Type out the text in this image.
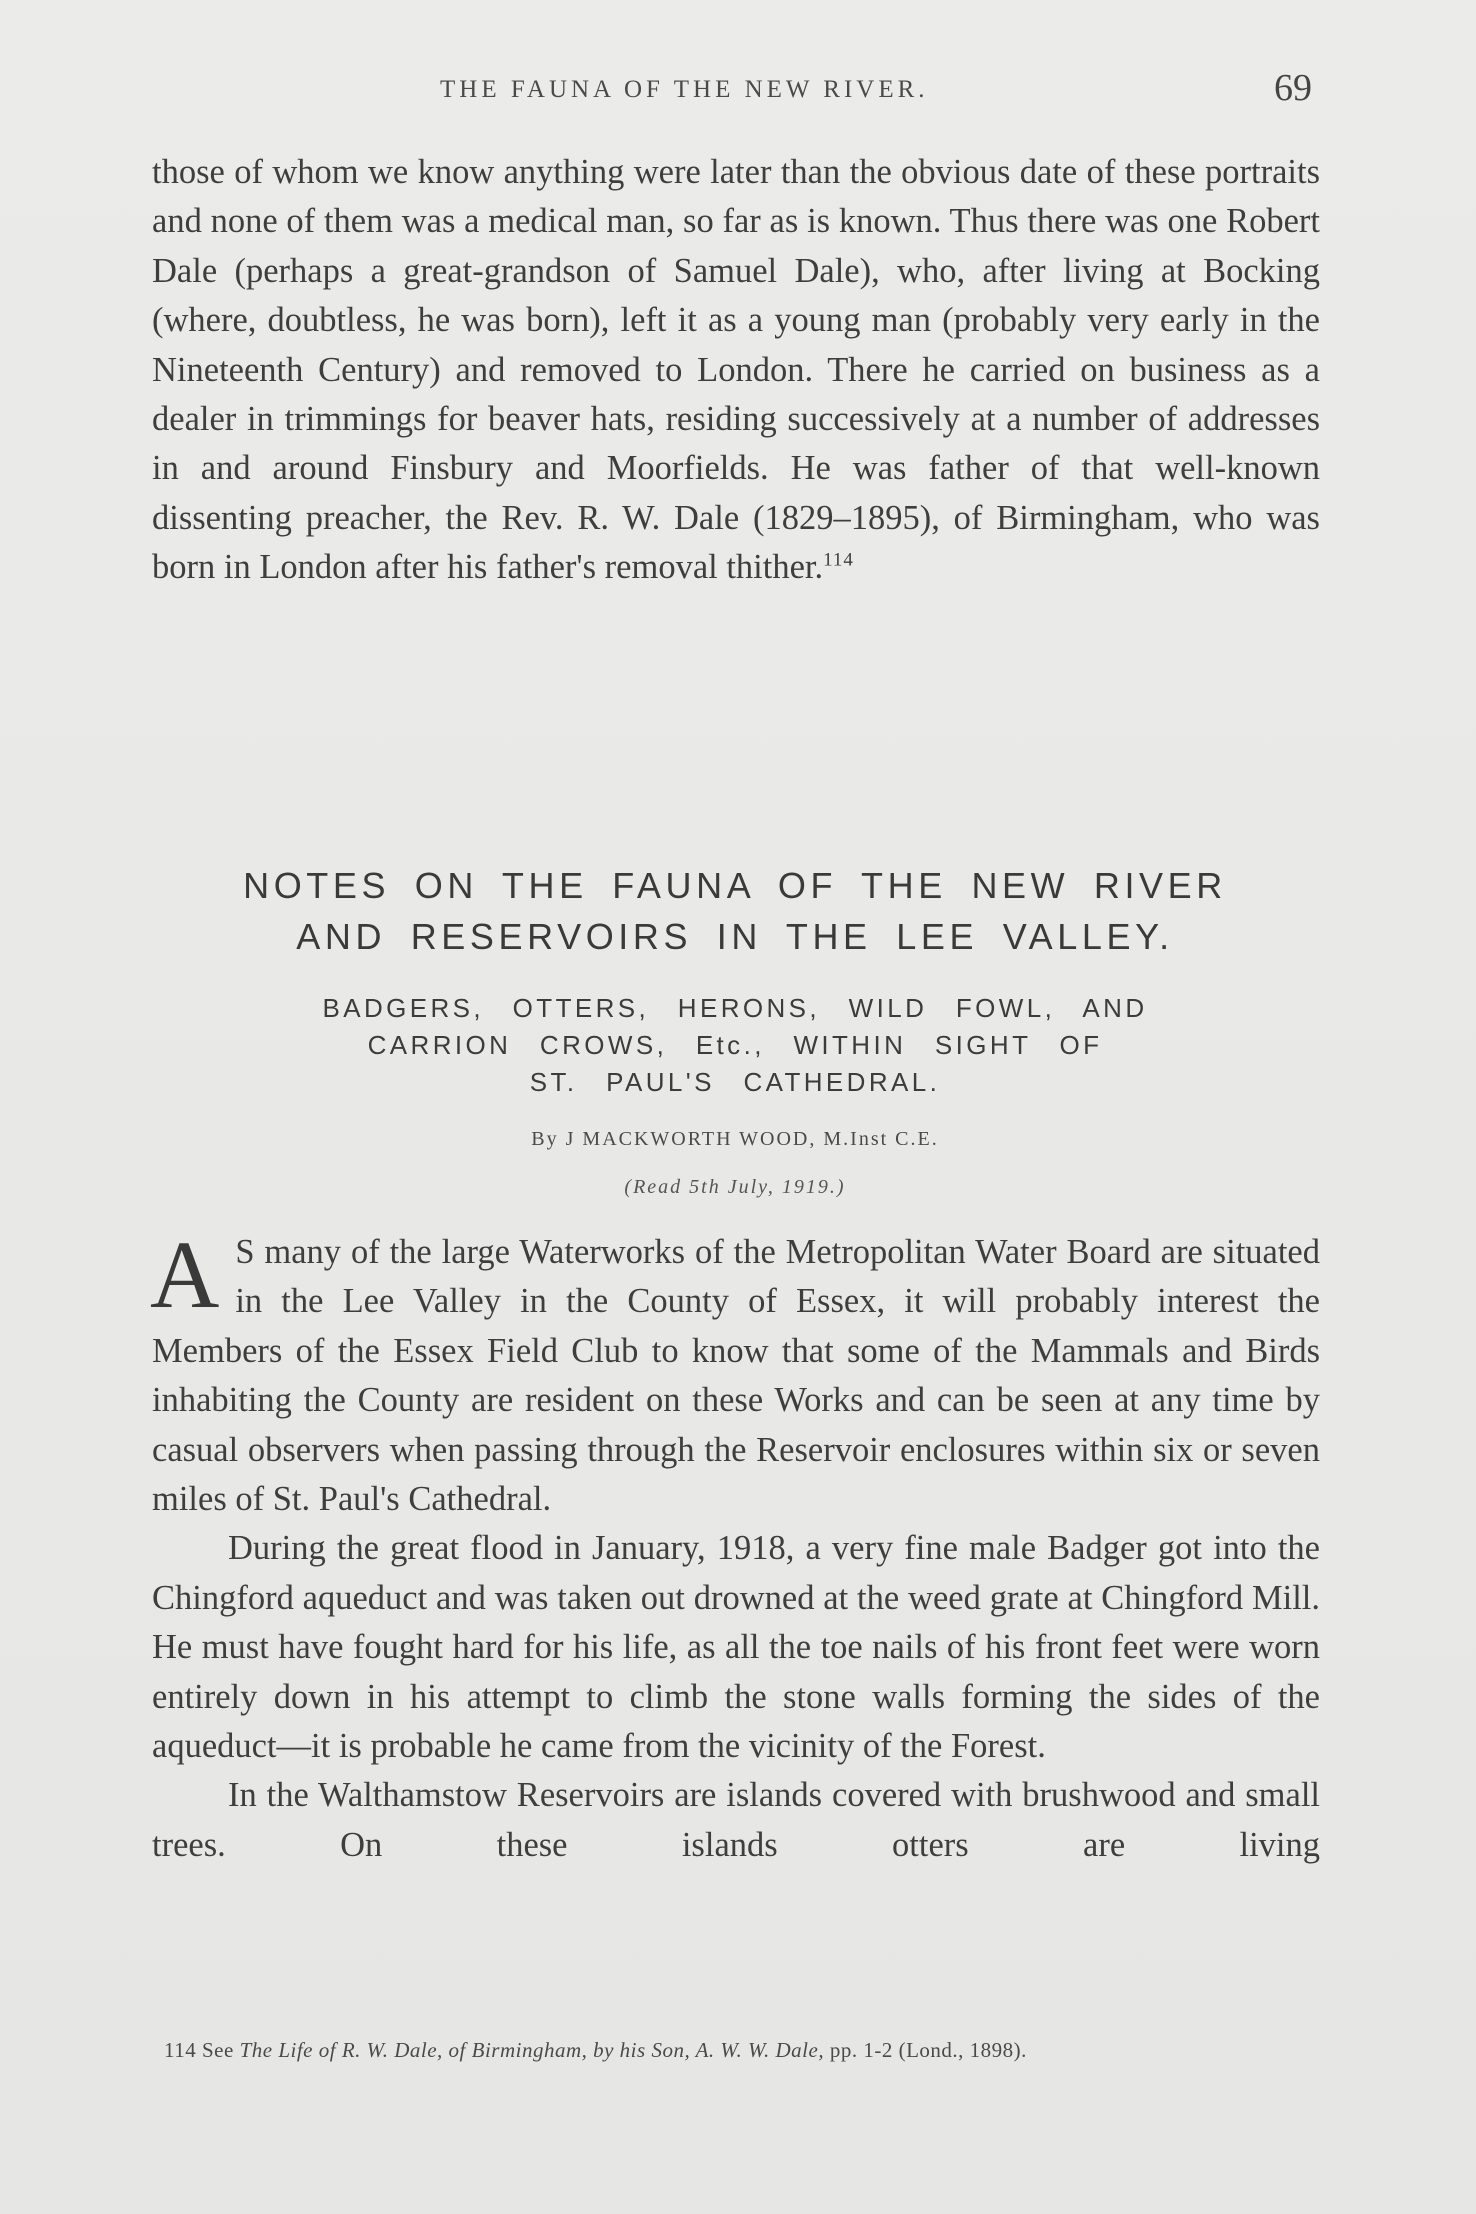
THE FAUNA OF THE NEW RIVER.	69

those of whom we know anything were later than the obvious date of these portraits and none of them was a medical man, so far as is known. Thus there was one Robert Dale (perhaps a great-grandson of Samuel Dale), who, after living at Bocking (where, doubtless, he was born), left it as a young man (probably very early in the Nineteenth Century) and removed to London. There he carried on business as a dealer in trimmings for beaver hats, residing successively at a number of addresses in and around Finsbury and Moorfields. He was father of that well-known dissenting preacher, the Rev. R. W. Dale (1829–1895), of Birmingham, who was born in London after his father's removal thither.$^{114}$

NOTES ON THE FAUNA OF THE NEW RIVER
AND RESERVOIRS IN THE LEE VALLEY.
BADGERS, OTTERS, HERONS, WILD FOWL, AND
CARRION CROWS, Etc., WITHIN SIGHT OF
ST. PAUL'S CATHEDRAL.
By J MACKWORTH WOOD, M.Inst C.E.
(Read 5th July, 1919.)

A S many of the large Waterworks of the Metropolitan Water Board are situated in the Lee Valley in the County of Essex, it will probably interest the Members of the Essex Field Club to know that some of the Mammals and Birds inhabiting the County are resident on these Works and can be seen at any time by casual observers when passing through the Reservoir enclosures within six or seven miles of St. Paul's Cathedral.

During the great flood in January, 1918, a very fine male Badger got into the Chingford aqueduct and was taken out drowned at the weed grate at Chingford Mill. He must have fought hard for his life, as all the toe nails of his front feet were worn entirely down in his attempt to climb the stone walls forming the sides of the aqueduct—it is probable he came from the vicinity of the Forest.

In the Walthamstow Reservoirs are islands covered with brushwood and small trees. On these islands otters are living

114 See The Life of R. W. Dale, of Birmingham, by his Son, A. W. W. Dale, pp. 1-2 (Lond., 1898).
